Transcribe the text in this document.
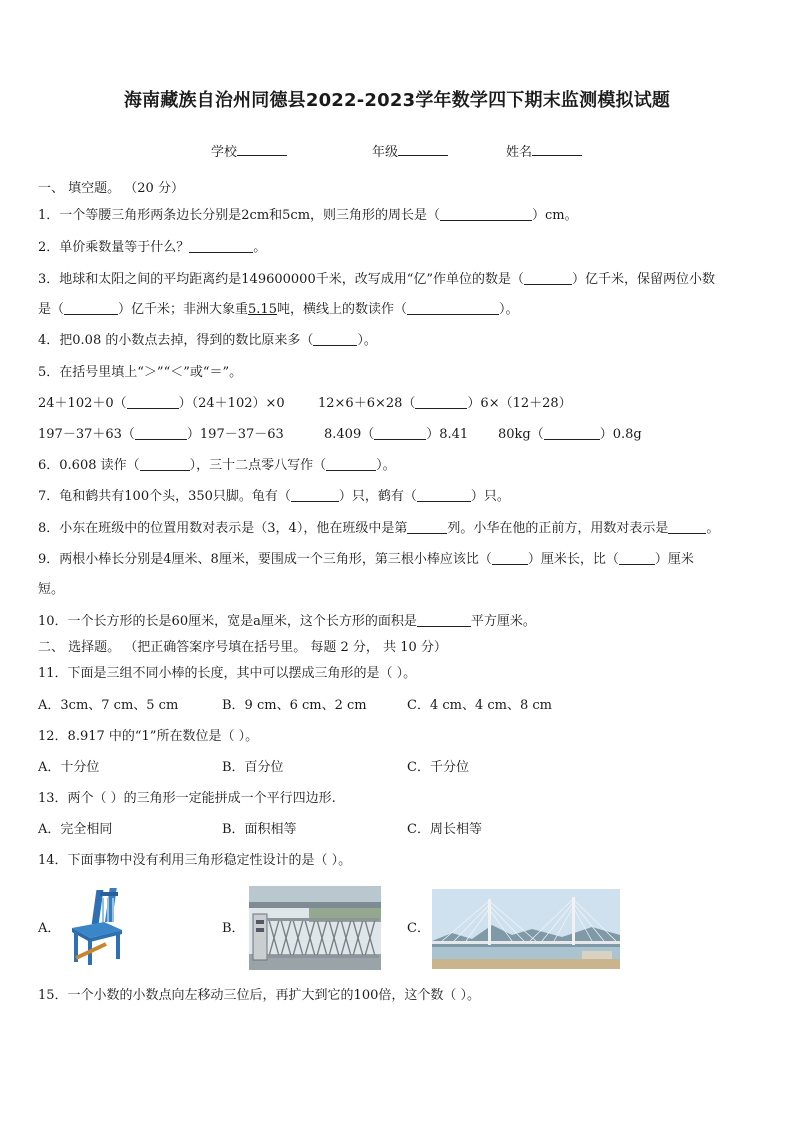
海南藏族自治州同德县2022-2023学年数学四下期末监测模拟试题
学校	年级	姓名
一、 填空题。 （20 分）
1．一个等腰三角形两条边长分别是2cm和5cm，则三角形的周长是（	）cm。
2．单价乘数量等于什么？	。
3．地球和太阳之间的平均距离约是149600000千米，改写成用“亿”作单位的数是（	）亿千米，保留两位小数
是（	）亿千米；非洲大象重5.15吨，横线上的数读作（	）。
4．把0.08 的小数点去掉，得到的数比原来多（	）。
5．在括号里填上“＞”“＜”或“＝”。
24＋102＋0（	）（24＋102）×0	12×6＋6×28（	）6×（12＋28）
197－37＋63（	）197－37－63	8.409（	）8.41 80kg（	）0.8g
6．0.608 读作（	），三十二点零八写作（	）。
7．龟和鹤共有100个头，350只脚。龟有（	）只，鹤有（	）只。
8．小东在班级中的位置用数对表示是（3，4），他在班级中是第	列。小华在他的正前方，用数对表示是	。
9．两根小棒长分别是4厘米、8厘米，要围成一个三角形，第三根小棒应该比（	）厘米长，比（	）厘米
短。
10．一个长方形的长是60厘米，宽是a厘米，这个长方形的面积是	平方厘米。
二、 选择题。 （把正确答案序号填在括号里。 每题 2 分， 共 10 分）
11．下面是三组不同小棒的长度，其中可以摆成三角形的是（ ）。
A．3cm、7 cm、5 cm	B．9 cm、6 cm、2 cm	C．4 cm、4 cm、8 cm
12．8.917 中的“1”所在数位是（ ）。
A．十分位	B．百分位	C．千分位
13．两个（ ）的三角形一定能拼成一个平行四边形.
A．完全相同	B．面积相等	C．周长相等
14．下面事物中没有利用三角形稳定性设计的是（ ）。
A．	B．	C．
15．一个小数的小数点向左移动三位后，再扩大到它的100倍，这个数（ ）。
